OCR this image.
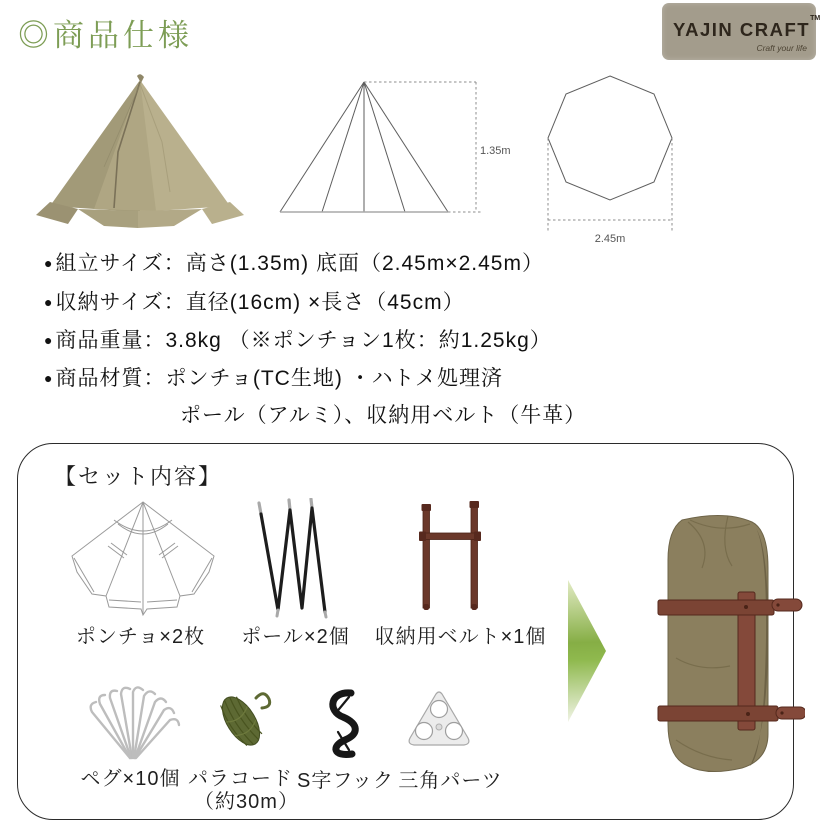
◎商品仕様	YAJIN CRAFT™
Craft your life
1.35m
2.45m
●組立サイズ：高さ(1.35m) 底面（2.45m×2.45m）
●収納サイズ：直径(16cm) ×長さ（45cm）
●商品重量：3.8kg （※ポンチョン1枚：約1.25kg）
●商品材質：ポンチョ(TC生地) ・ハトメ処理済
ポール（アルミ）、収納用ベルト（牛革）
【セット内容】
ポンチョ×2枚	ポール×2個	収納用ベルト×1個
ペグ×10個 パラコード
（約30m）
S字フック 三角パーツ
